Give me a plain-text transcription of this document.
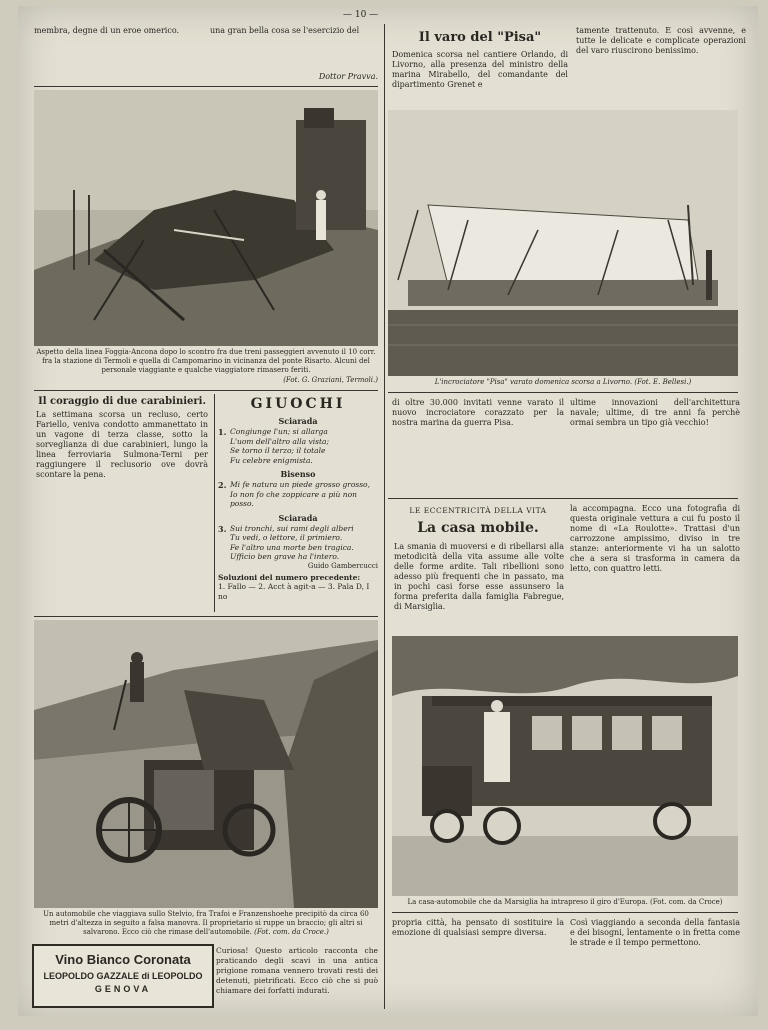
— 10 —
membra, degne di un eroe omerico.	una gran bella cosa se l'esercizio del
Dottor Pravva.
Aspetto della linea Foggia-Ancona dopo lo scontro fra due treni passeggieri avvenuto il 10 corr. fra la stazione di Termoli e quella di Campomarino in vicinanza del ponte Risarto. Alcuni del personale viaggiante e qualche viaggiatore rimasero feriti.
(Fot. G. Graziani, Termoli.)
Il varo del "Pisa"
Domenica scorsa nel cantiere Orlando, di Livorno, alla presenza del ministro della marina Mirabello, del comandante del dipartimento Grenet e
tamente trattenuto. E così avvenne, e tutte le delicate e complicate operazioni del varo riuscirono benissimo.
L'incrociatore "Pisa" varato domenica scorsa a Livorno. (Fot. E. Bellesi.)
di oltre 30.000 invitati venne varato il nuovo incrociatore corazzato per la nostra marina da guerra Pisa.
ultime innovazioni dell'architettura navale; ultime, di tre anni fa perchè ormai sembra un tipo già vecchio!
Il coraggio di due carabinieri.
La settimana scorsa un recluso, certo Fariello, veniva condotto ammanettato in un vagone di terza classe, sotto la sorveglianza di due carabinieri, lungo la linea ferroviaria Sulmona-Terni per raggiungere il reclusorio ove dovrà scontare la pena.
GIUOCHI
Sciarada
1. Congiunge l'un; si allarga
L'uom dell'altro alla vista;
Se torno il terzo; il totale
Fu celebre enigmista.
Bisenso
2. Mi fe natura un piede grosso grosso,
Io non fo che zoppicare a più non posso.
Sciarada
3. Sui tronchi, sui rami degli alberi
Tu vedi, o lettore, il primiero.
Fe l'altro una morte ben tragica.
Ufficio ben grave ha l'intero.
Guido Gambercucci
Soluzioni del numero precedente:
1. Fallo — 2. Acct à agit-a — 3. Pala D, I no
LE ECCENTRICITÀ DELLA VITA
La casa mobile.
La smania di muoversi e di ribellarsi alla metodicità della vita assume alle volte delle forme ardite. Tali ribellioni sono adesso più frequenti che in passato, ma in pochi casi forse esse assunsero la forma preferita dalla famiglia Fabregue, di Marsiglia.
la accompagna. Ecco una fotografia di questa originale vettura a cui fu posto il nome di «La Roulotte». Trattasi d'un carrozzone ampissimo, diviso in tre stanze: anteriormente vi ha un salotto che a sera si trasforma in camera da letto, con quattro letti.
La casa-automobile che da Marsiglia ha intrapreso il giro d'Europa. (Fot. com. da Croce)
propria città, ha pensato di sostituire la emozione di qualsiasi sempre diversa.
Così viaggiando a seconda della fantasia e dei bisogni, lentamente o in fretta come le strade e il tempo permettono.
Un automobile che viaggiava sullo Stelvio, fra Trafoi e Franzenshoehe precipitò da circa 60 metri d'altezza in seguito a falsa manovra. Il proprietario si ruppe un braccio; gli altri si salvarono. Ecco ciò che rimase dell'automobile. (Fot. com. da Croce.)
Vino Bianco Coronata
LEOPOLDO GAZZALE di LEOPOLDO
GENOVA
Curiosa! Questo articolo racconta che praticando degli scavi in una antica prigione romana vennero trovati resti dei detenuti, pietrificati. Ecco ciò che si può chiamare dei forfatti indurati.
